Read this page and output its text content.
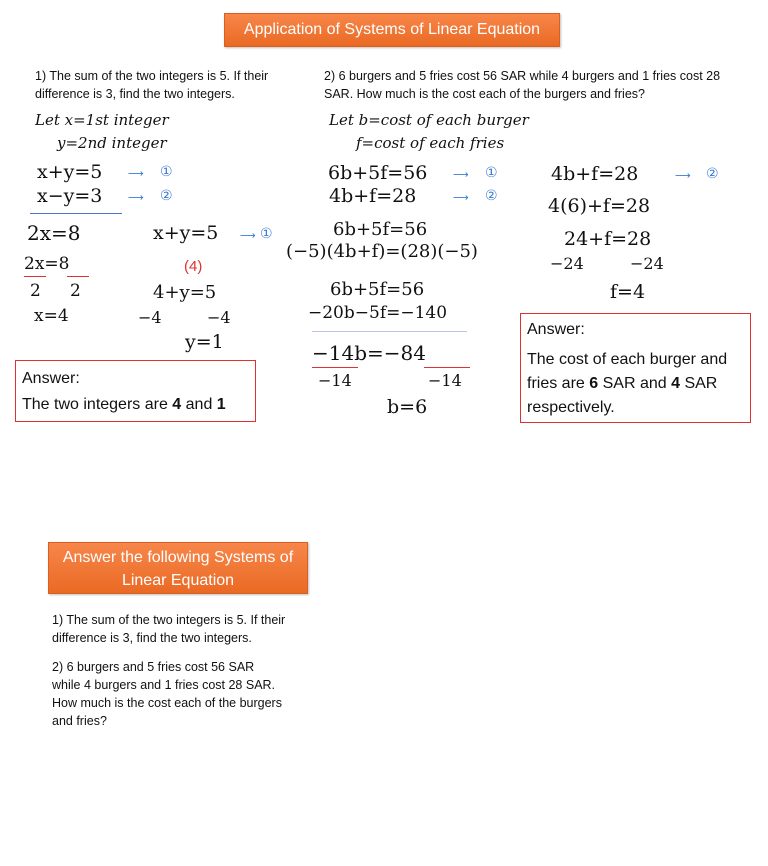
Application of Systems of Linear Equation
1) The sum of the two integers is 5. If their difference is 3, find the two integers.
2) 6 burgers and 5 fries cost 56 SAR while 4 burgers and 1 fries cost 28 SAR. How much is the cost each of the burgers and fries?
Let x=1st integer
y=2nd integer
x+y=5 ⟶ ①
x−y=3 ⟶ ②
2x=8	x+y=5 ⟶ ①
2x=8
2 2
x=4
(4)
4+y=5
−4	−4
y=1
Answer:
The two integers are 4 and 1
Let b=cost of each burger
f=cost of each fries
6b+5f=56 ⟶ ①
4b+f=28	⟶ ②
6b+5f=56
(−5)(4b+f)=(28)(−5)
6b+5f=56
−20b−5f=−140
−14b=−84
−14	−14
b=6
4b+f=28	⟶ ②
4(6)+f=28
24+f=28
−24	−24
f=4
Answer:
The cost of each burger and fries are 6 SAR and 4 SAR respectively.
Answer the following Systems of Linear Equation
1) The sum of the two integers is 5. If their difference is 3, find the two integers.
2) 6 burgers and 5 fries cost 56 SAR while 4 burgers and 1 fries cost 28 SAR. How much is the cost each of the burgers and fries?
